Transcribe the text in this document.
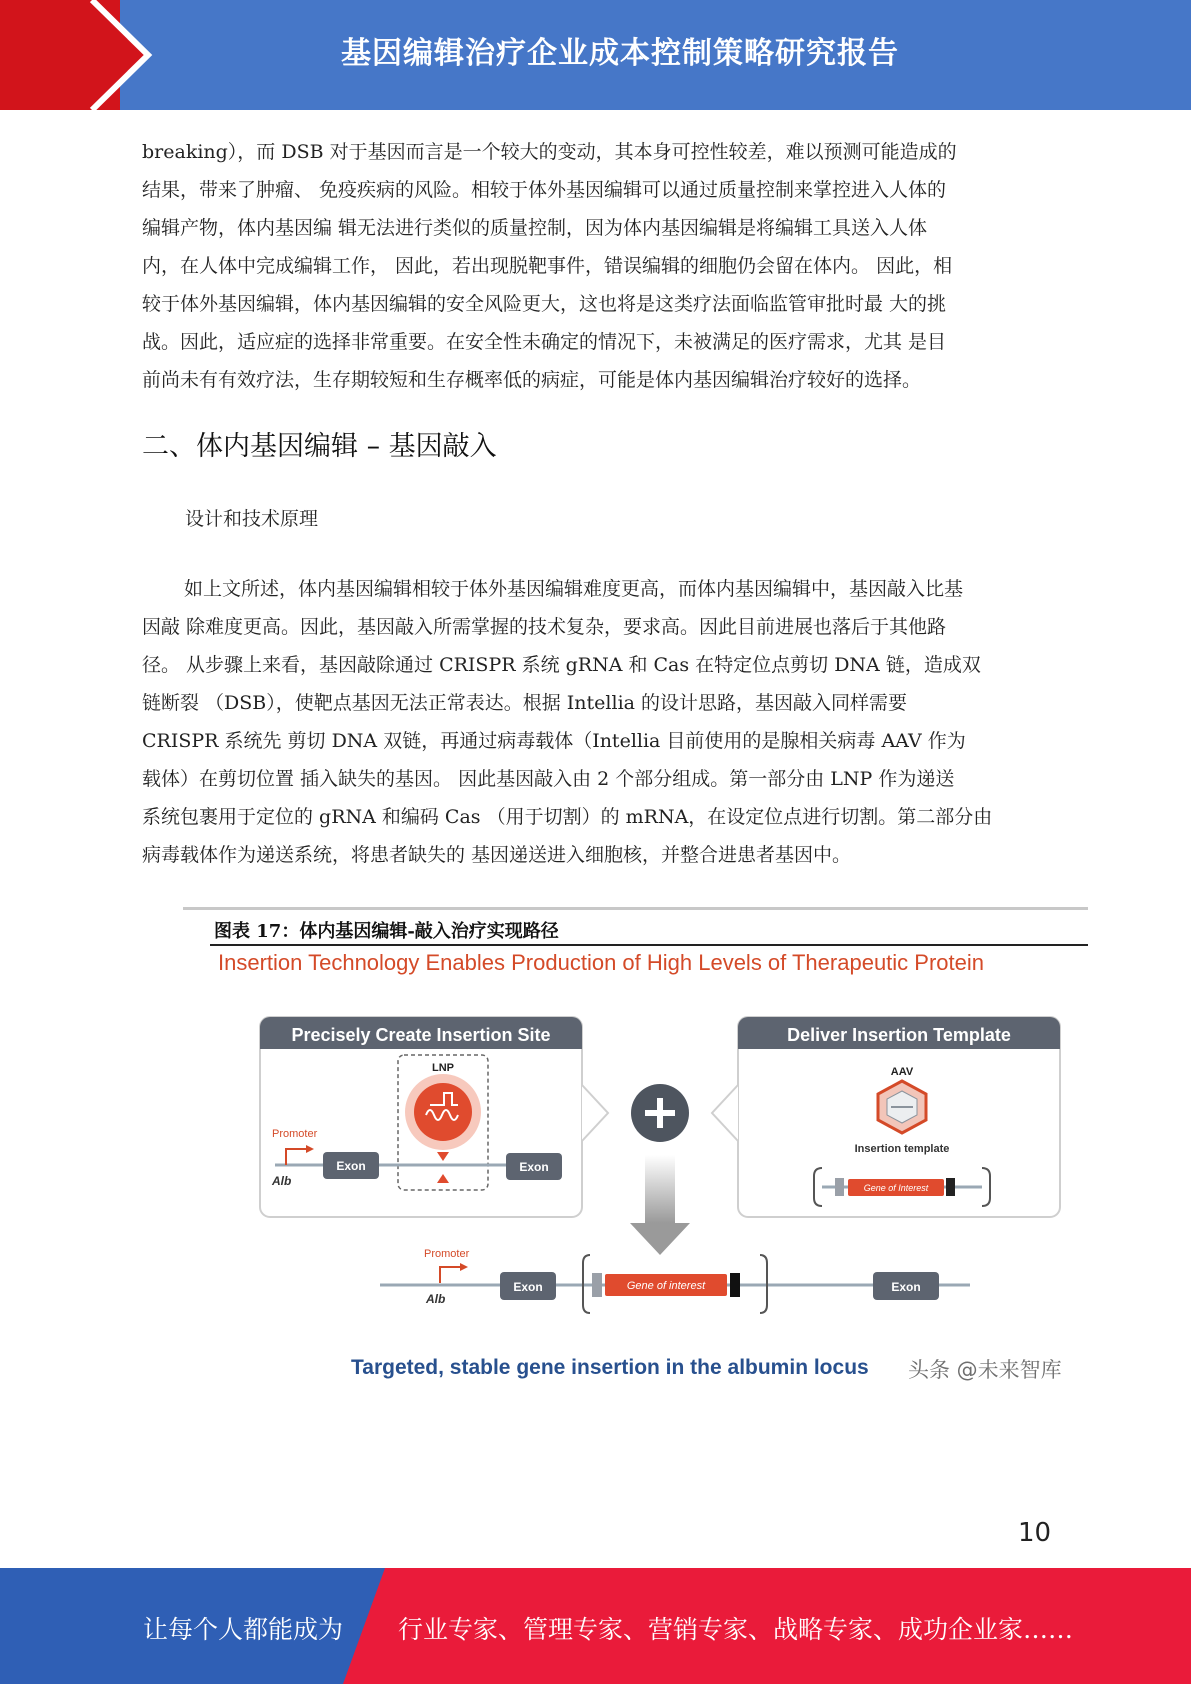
基因编辑治疗企业成本控制策略研究报告

breaking），而 DSB 对于基因而言是一个较大的变动，其本身可控性较差，难以预测可能造成的

结果，带来了肿瘤、 免疫疾病的风险。相较于体外基因编辑可以通过质量控制来掌控进入人体的

编辑产物，体内基因编 辑无法进行类似的质量控制，因为体内基因编辑是将编辑工具送入人体

内，在人体中完成编辑工作， 因此，若出现脱靶事件，错误编辑的细胞仍会留在体内。 因此，相

较于体外基因编辑，体内基因编辑的安全风险更大，这也将是这类疗法面临监管审批时最 大的挑

战。因此，适应症的选择非常重要。在安全性未确定的情况下，未被满足的医疗需求，尤其 是目

前尚未有有效疗法，生存期较短和生存概率低的病症，可能是体内基因编辑治疗较好的选择。

二、体内基因编辑 – 基因敲入
设计和技术原理

如上文所述，体内基因编辑相较于体外基因编辑难度更高，而体内基因编辑中，基因敲入比基

因敲 除难度更高。因此，基因敲入所需掌握的技术复杂，要求高。因此目前进展也落后于其他路

径。 从步骤上来看，基因敲除通过 CRISPR 系统 gRNA 和 Cas 在特定位点剪切 DNA 链，造成双

链断裂 （DSB），使靶点基因无法正常表达。根据 Intellia 的设计思路，基因敲入同样需要

CRISPR 系统先 剪切 DNA 双链，再通过病毒载体（Intellia 目前使用的是腺相关病毒 AAV 作为

载体）在剪切位置 插入缺失的基因。 因此基因敲入由 2 个部分组成。第一部分由 LNP 作为递送

系统包裹用于定位的 gRNA 和编码 Cas （用于切割）的 mRNA，在设定位点进行切割。第二部分由

病毒载体作为递送系统，将患者缺失的 基因递送进入细胞核，并整合进患者基因中。

图表 17：体内基因编辑-敲入治疗实现路径
Insertion Technology Enables Production of High Levels of Therapeutic Protein
Precisely Create Insertion Site
LNP
Promoter
Alb
Exon	Exon
Deliver Insertion Template
AAV
Insertion template
Gene of Interest
Promoter
Alb
Exon	Gene of interest	Exon
Targeted, stable gene insertion in the albumin locus 头条 @未来智库
10
让每个人都能成为 行业专家、管理专家、营销专家、战略专家、成功企业家……
